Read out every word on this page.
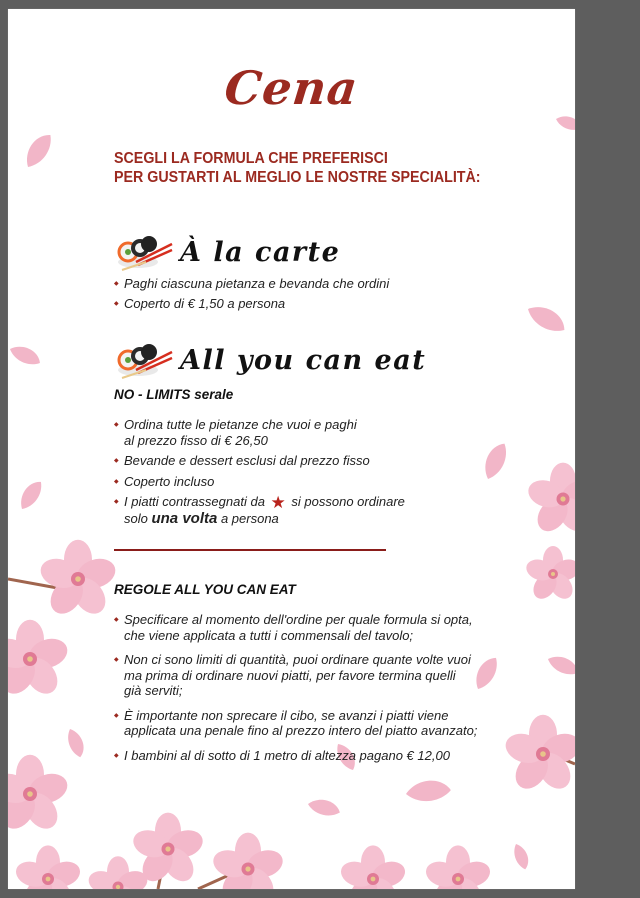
Cena
SCEGLI LA FORMULA CHE PREFERISCI
PER GUSTARTI AL MEGLIO LE NOSTRE SPECIALITÀ:
À la carte
◆ Paghi ciascuna pietanza e bevanda che ordini
◆ Coperto di € 1,50 a persona
All you can eat
NO - LIMITS serale
◆ Ordina tutte le pietanze che vuoi e paghi
al prezzo fisso di € 26,50
◆ Bevande e dessert esclusi dal prezzo fisso
◆ Coperto incluso
◆ I piatti contrassegnati da ★ si possono ordinare
solo una volta a persona
REGOLE ALL YOU CAN EAT
◆ Specificare al momento dell'ordine per quale formula si opta,
che viene applicata a tutti i commensali del tavolo;
◆ Non ci sono limiti di quantità, puoi ordinare quante volte vuoi
ma prima di ordinare nuovi piatti, per favore termina quelli
già serviti;
◆ È importante non sprecare il cibo, se avanzi i piatti viene
applicata una penale fino al prezzo intero del piatto avanzato;
◆ I bambini al di sotto di 1 metro di altezza pagano € 12,00
